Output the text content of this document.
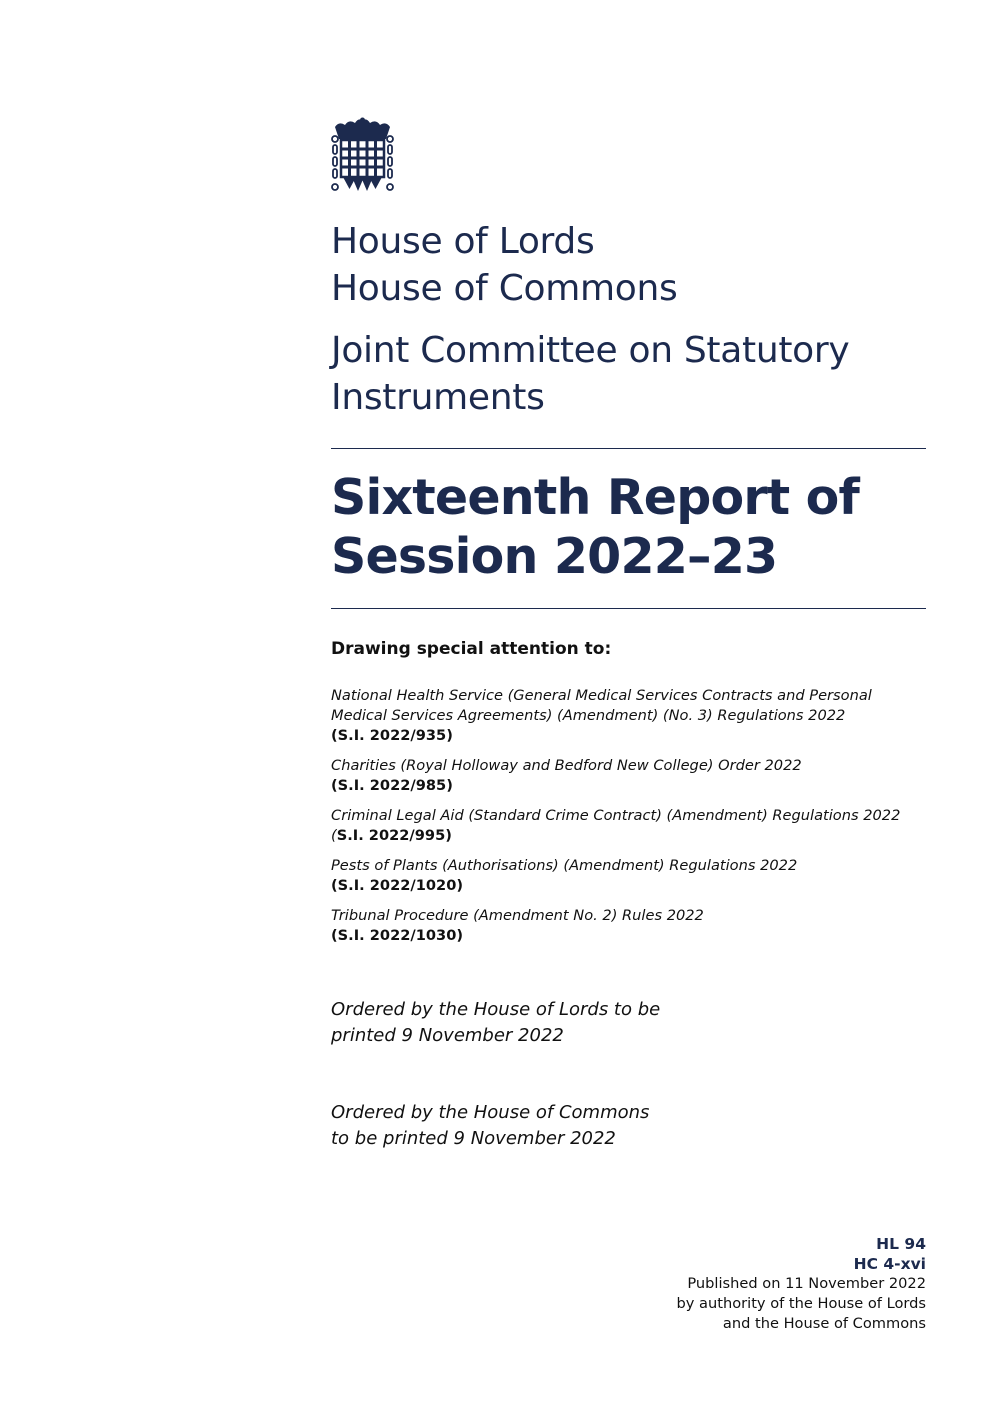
House of Lords
House of Commons
Joint Committee on Statutory
Instruments
Sixteenth Report of
Session 2022–23
Drawing special attention to:
National Health Service (General Medical Services Contracts and Personal Medical Services Agreements) (Amendment) (No. 3) Regulations 2022
(S.I. 2022/935)
Charities (Royal Holloway and Bedford New College) Order 2022
(S.I. 2022/985)
Criminal Legal Aid (Standard Crime Contract) (Amendment) Regulations 2022 (S.I. 2022/995)
Pests of Plants (Authorisations) (Amendment) Regulations 2022
(S.I. 2022/1020)
Tribunal Procedure (Amendment No. 2) Rules 2022
(S.I. 2022/1030)
Ordered by the House of Lords to be
printed 9 November 2022
Ordered by the House of Commons
to be printed 9 November 2022
HL 94
HC 4-xvi
Published on 11 November 2022
by authority of the House of Lords
and the House of Commons
